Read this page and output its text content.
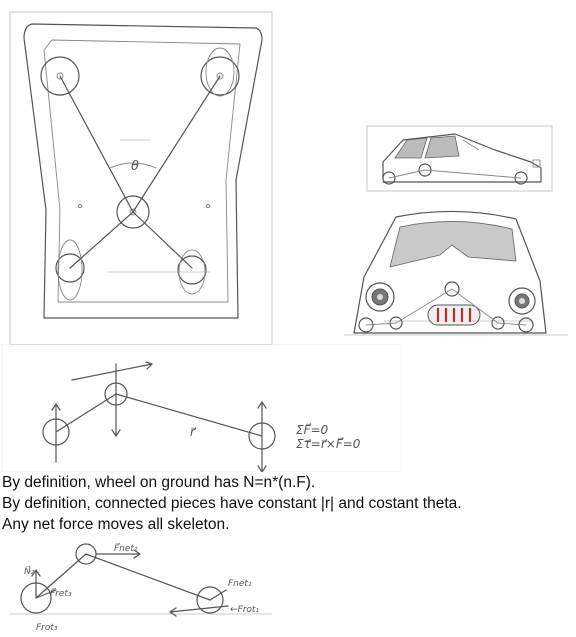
θ
r⃗	ΣF⃗=0
Στ⃗=r⃗×F⃗=0
By definition, wheel on ground has N=n*(n.F).
By definition, connected pieces have constant |r| and costant theta.
Any net force moves all skeleton.
N⃗₂
F⃗net₂
F⃗ret₃
Frot₃
Fnet₁
←Frot₁
